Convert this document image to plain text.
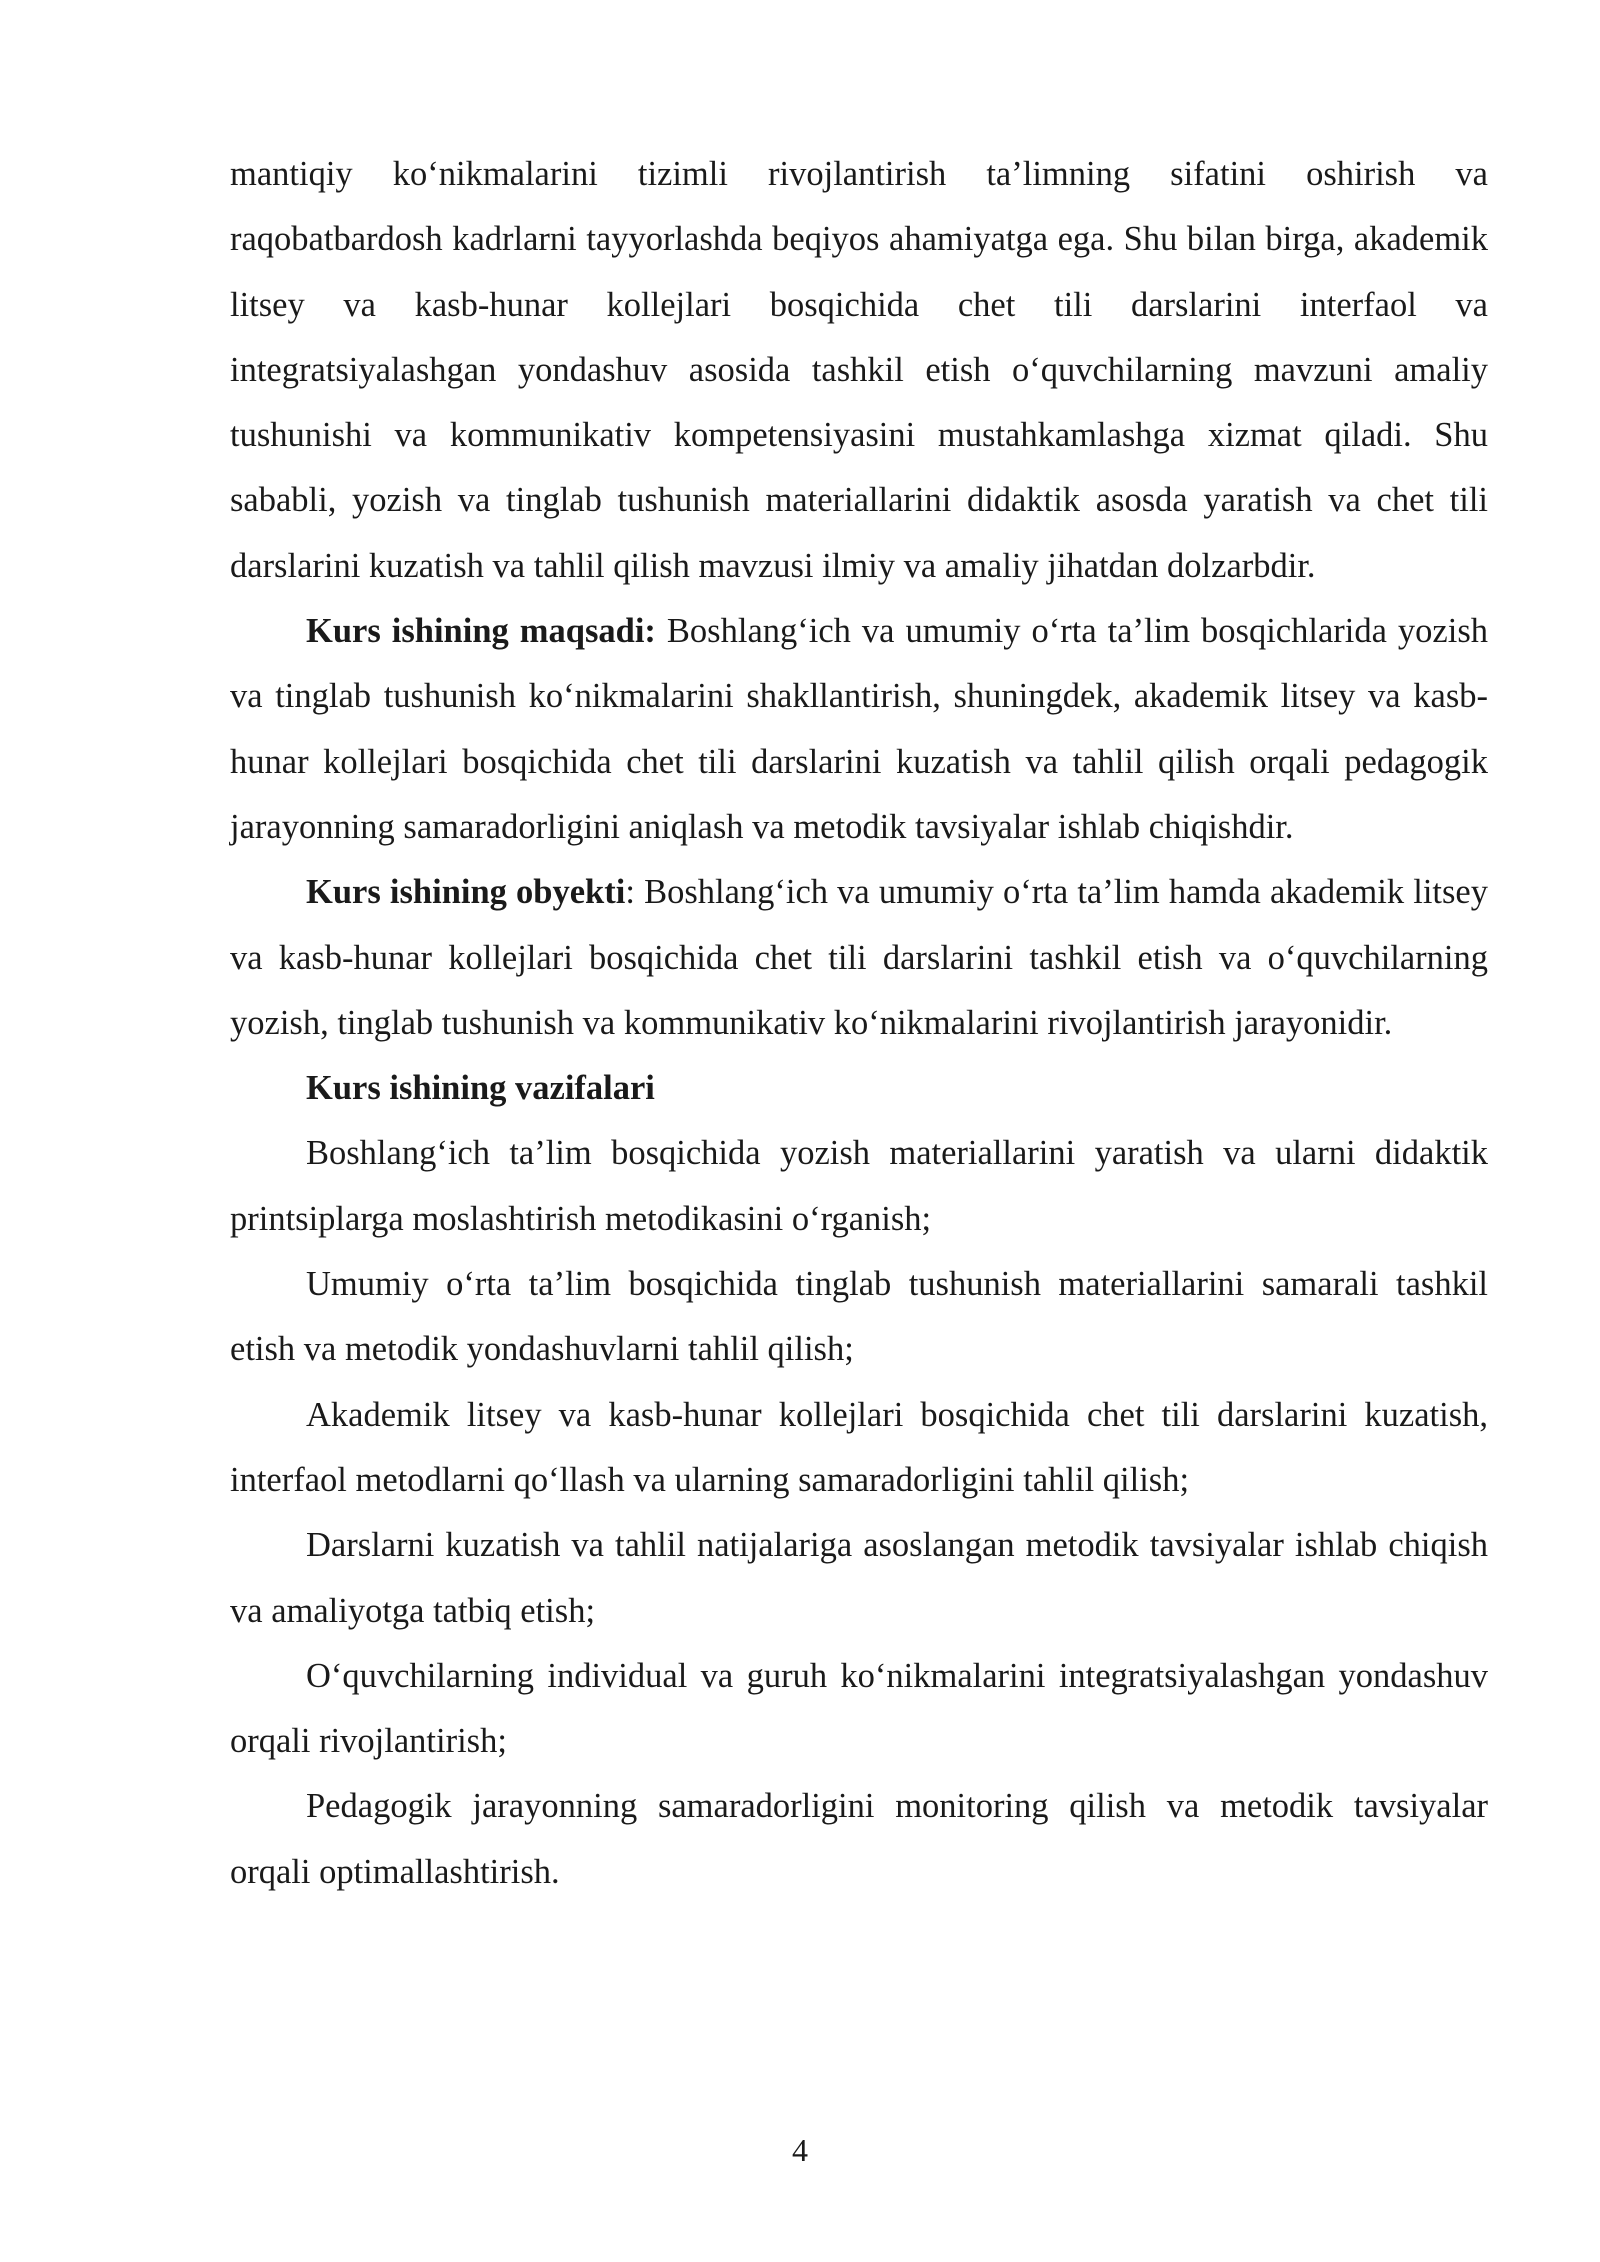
mantiqiy ko‘nikmalarini tizimli rivojlantirish ta’limning sifatini oshirish va raqobatbardosh kadrlarni tayyorlashda beqiyos ahamiyatga ega. Shu bilan birga, akademik litsey va kasb-hunar kollejlari bosqichida chet tili darslarini interfaol va integratsiyalashgan yondashuv asosida tashkil etish o‘quvchilarning mavzuni amaliy tushunishi va kommunikativ kompetensiyasini mustahkamlashga xizmat qiladi. Shu sababli, yozish va tinglab tushunish materiallarini didaktik asosda yaratish va chet tili darslarini kuzatish va tahlil qilish mavzusi ilmiy va amaliy jihatdan dolzarbdir.

Kurs ishining maqsadi: Boshlang‘ich va umumiy o‘rta ta’lim bosqichlarida yozish va tinglab tushunish ko‘nikmalarini shakllantirish, shuningdek, akademik litsey va kasb-hunar kollejlari bosqichida chet tili darslarini kuzatish va tahlil qilish orqali pedagogik jarayonning samaradorligini aniqlash va metodik tavsiyalar ishlab chiqishdir.

Kurs ishining obyekti: Boshlang‘ich va umumiy o‘rta ta’lim hamda akademik litsey va kasb-hunar kollejlari bosqichida chet tili darslarini tashkil etish va o‘quvchilarning yozish, tinglab tushunish va kommunikativ ko‘nikmalarini rivojlantirish jarayonidir.

Kurs ishining vazifalari

Boshlang‘ich ta’lim bosqichida yozish materiallarini yaratish va ularni didaktik printsiplarga moslashtirish metodikasini o‘rganish;

Umumiy o‘rta ta’lim bosqichida tinglab tushunish materiallarini samarali tashkil etish va metodik yondashuvlarni tahlil qilish;

Akademik litsey va kasb-hunar kollejlari bosqichida chet tili darslarini kuzatish, interfaol metodlarni qo‘llash va ularning samaradorligini tahlil qilish;

Darslarni kuzatish va tahlil natijalariga asoslangan metodik tavsiyalar ishlab chiqish va amaliyotga tatbiq etish;

O‘quvchilarning individual va guruh ko‘nikmalarini integratsiyalashgan yondashuv orqali rivojlantirish;

Pedagogik jarayonning samaradorligini monitoring qilish va metodik tavsiyalar orqali optimallashtirish.

4
